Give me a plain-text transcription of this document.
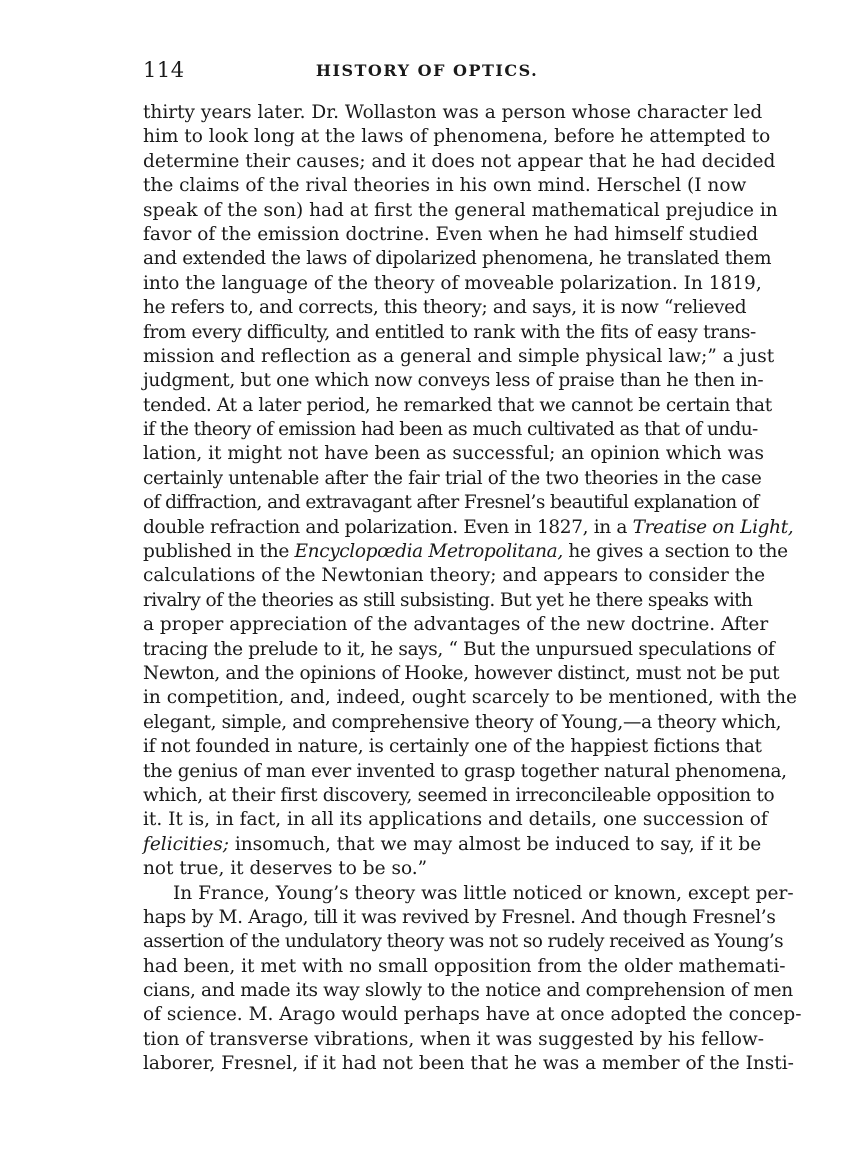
114	HISTORY OF OPTICS.
thirty years later. Dr. Wollaston was a person whose character led
him to look long at the laws of phenomena, before he attempted to
determine their causes; and it does not appear that he had decided
the claims of the rival theories in his own mind. Herschel (I now
speak of the son) had at first the general mathematical prejudice in
favor of the emission doctrine. Even when he had himself studied
and extended the laws of dipolarized phenomena, he translated them
into the language of the theory of moveable polarization. In 1819,
he refers to, and corrects, this theory; and says, it is now “relieved
from every difficulty, and entitled to rank with the fits of easy trans-
mission and reflection as a general and simple physical law;” a just
judgment, but one which now conveys less of praise than he then in-
tended. At a later period, he remarked that we cannot be certain that
if the theory of emission had been as much cultivated as that of undu-
lation, it might not have been as successful; an opinion which was
certainly untenable after the fair trial of the two theories in the case
of diffraction, and extravagant after Fresnel’s beautiful explanation of
double refraction and polarization. Even in 1827, in a Treatise on Light,
published in the Encyclopœdia Metropolitana, he gives a section to the
calculations of the Newtonian theory; and appears to consider the
rivalry of the theories as still subsisting. But yet he there speaks with
a proper appreciation of the advantages of the new doctrine. After
tracing the prelude to it, he says, “ But the unpursued speculations of
Newton, and the opinions of Hooke, however distinct, must not be put
in competition, and, indeed, ought scarcely to be mentioned, with the
elegant, simple, and comprehensive theory of Young,—a theory which,
if not founded in nature, is certainly one of the happiest fictions that
the genius of man ever invented to grasp together natural phenomena,
which, at their first discovery, seemed in irreconcileable opposition to
it. It is, in fact, in all its applications and details, one succession of
felicities; insomuch, that we may almost be induced to say, if it be
not true, it deserves to be so.”
In France, Young’s theory was little noticed or known, except per-
haps by M. Arago, till it was revived by Fresnel. And though Fresnel’s
assertion of the undulatory theory was not so rudely received as Young’s
had been, it met with no small opposition from the older mathemati-
cians, and made its way slowly to the notice and comprehension of men
of science. M. Arago would perhaps have at once adopted the concep-
tion of transverse vibrations, when it was suggested by his fellow-
laborer, Fresnel, if it had not been that he was a member of the Insti-
